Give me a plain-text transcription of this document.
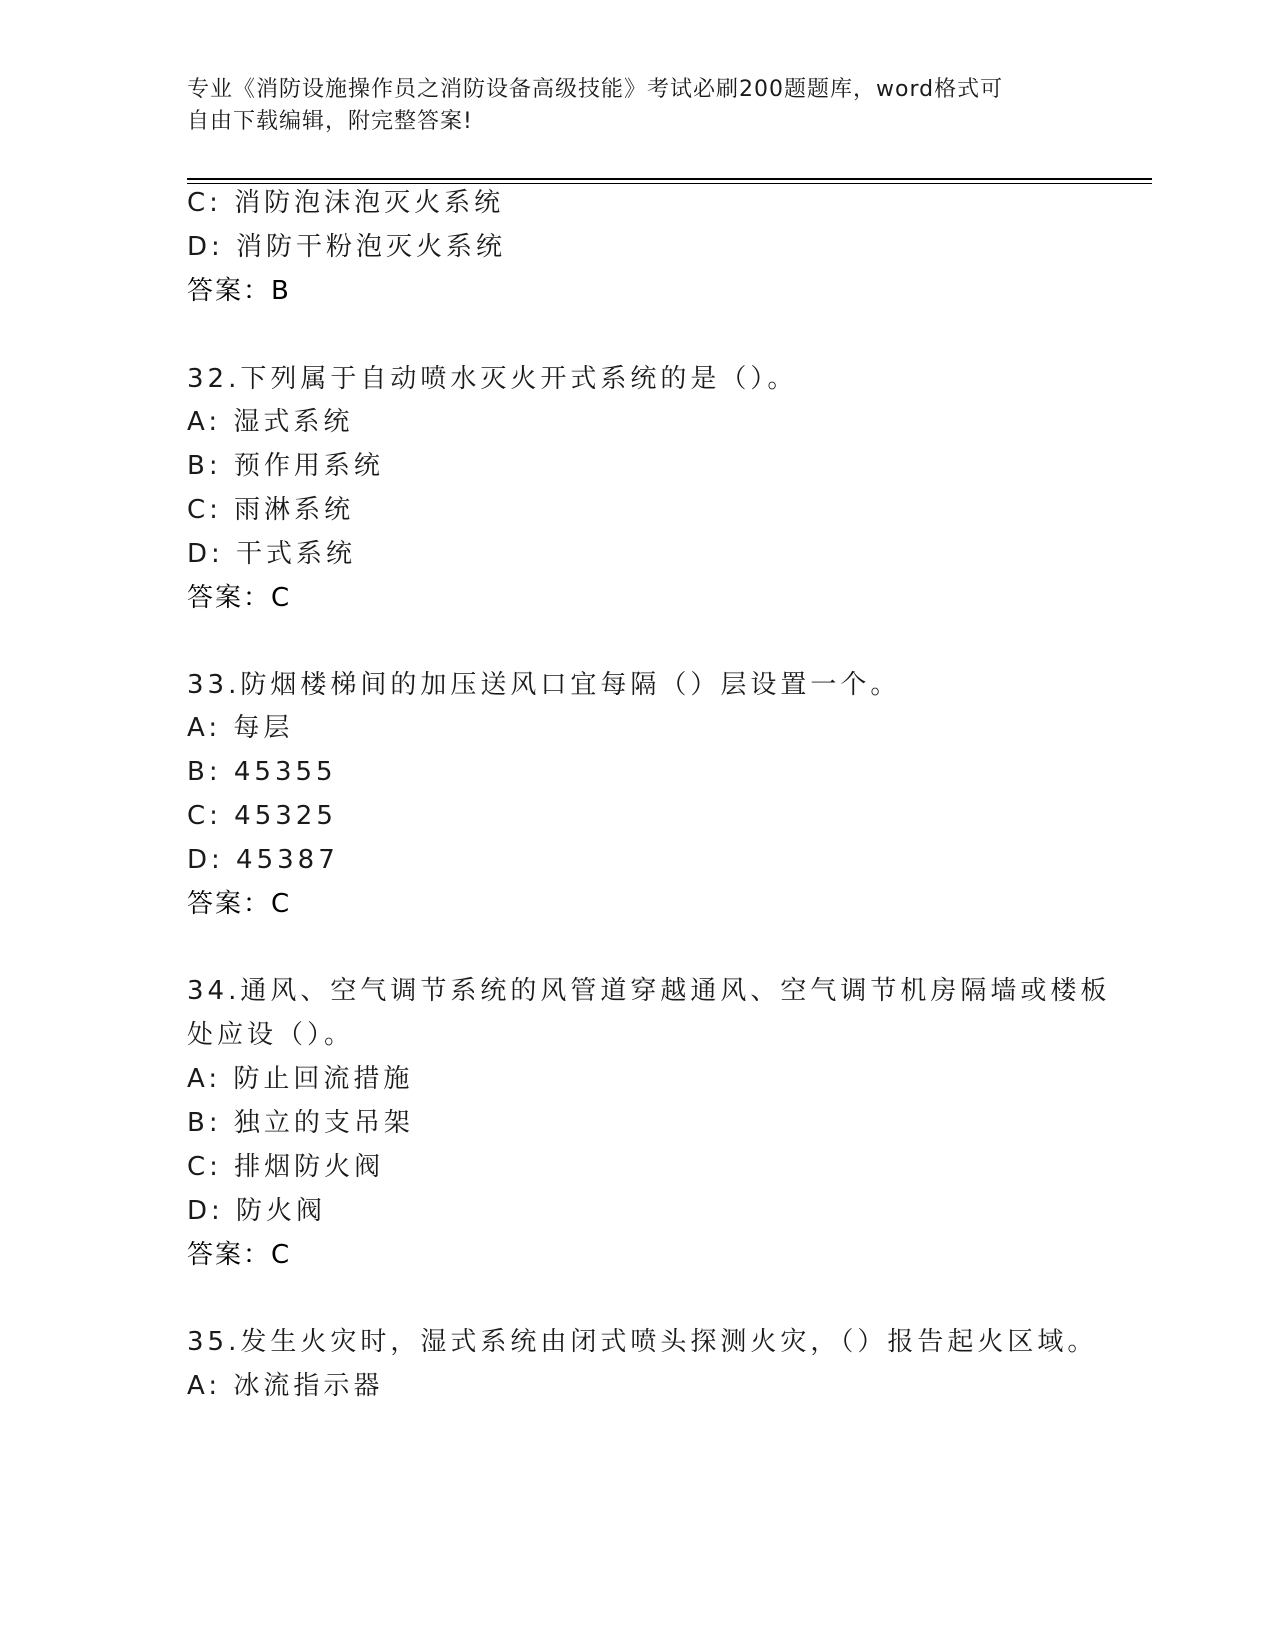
专业《消防设施操作员之消防设备高级技能》考试必刷200题题库，word格式可
自由下载编辑，附完整答案!
C: 消防泡沫泡灭火系统
D: 消防干粉泡灭火系统
答案：B
32.下列属于自动喷水灭火开式系统的是（）。
A: 湿式系统
B: 预作用系统
C: 雨淋系统
D: 干式系统
答案：C
33.防烟楼梯间的加压送风口宜每隔（）层设置一个。
A: 每层
B: 45355
C: 45325
D: 45387
答案：C
34.通风、空气调节系统的风管道穿越通风、空气调节机房隔墙或楼板
处应设（）。
A: 防止回流措施
B: 独立的支吊架
C: 排烟防火阀
D: 防火阀
答案：C
35.发生火灾时，湿式系统由闭式喷头探测火灾，（）报告起火区域。
A: 冰流指示器
